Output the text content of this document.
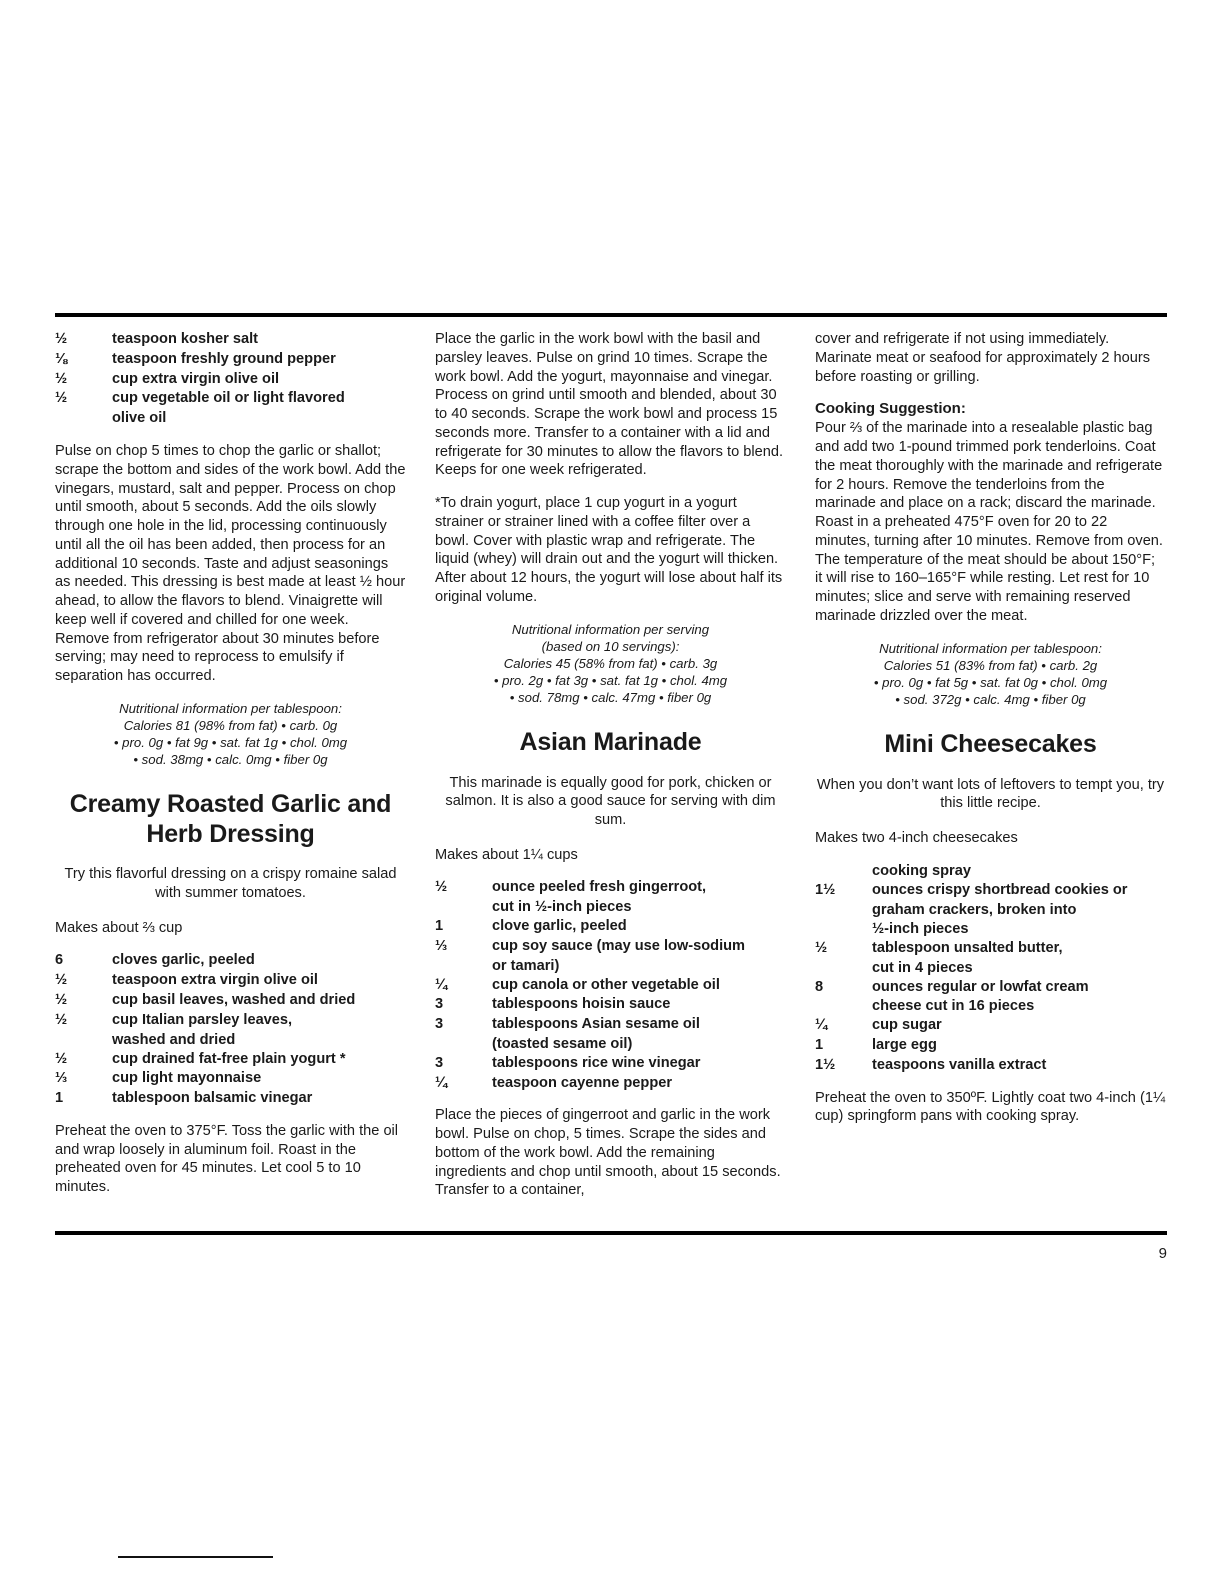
½	teaspoon kosher salt
⅛	teaspoon freshly ground pepper
½	cup extra virgin olive oil
½	cup vegetable oil or light flavored
olive oil

Pulse on chop 5 times to chop the garlic or shallot; scrape the bottom and sides of the work bowl. Add the vinegars, mustard, salt and pepper. Process on chop until smooth, about 5 seconds. Add the oils slowly through one hole in the lid, processing continuously until all the oil has been added, then process for an additional 10 seconds. Taste and adjust seasonings as needed. This dressing is best made at least ½ hour ahead, to allow the flavors to blend. Vinaigrette will keep well if covered and chilled for one week. Remove from refrigerator about 30 minutes before serving; may need to reprocess to emulsify if separation has occurred.

Nutritional information per tablespoon:
Calories 81 (98% from fat) • carb. 0g
• pro. 0g • fat 9g • sat. fat 1g • chol. 0mg
• sod. 38mg • calc. 0mg • fiber 0g
Creamy Roasted Garlic and Herb Dressing

Try this flavorful dressing on a crispy romaine salad with summer tomatoes.

Makes about ⅔ cup

6	cloves garlic, peeled
½	teaspoon extra virgin olive oil
½	cup basil leaves, washed and dried
½	cup Italian parsley leaves,
washed and dried
½	cup drained fat-free plain yogurt *
⅓	cup light mayonnaise
1	tablespoon balsamic vinegar

Preheat the oven to 375°F. Toss the garlic with the oil and wrap loosely in aluminum foil. Roast in the preheated oven for 45 minutes. Let cool 5 to 10 minutes.

Place the garlic in the work bowl with the basil and parsley leaves. Pulse on grind 10 times. Scrape the work bowl. Add the yogurt, mayonnaise and vinegar. Process on grind until smooth and blended, about 30 to 40 seconds. Scrape the work bowl and process 15 seconds more. Transfer to a container with a lid and refrigerate for 30 minutes to allow the flavors to blend. Keeps for one week refrigerated.

*To drain yogurt, place 1 cup yogurt in a yogurt strainer or strainer lined with a coffee filter over a bowl. Cover with plastic wrap and refrigerate. The liquid (whey) will drain out and the yogurt will thicken. After about 12 hours, the yogurt will lose about half its original volume.

Nutritional information per serving
(based on 10 servings):
Calories 45 (58% from fat) • carb. 3g
• pro. 2g • fat 3g • sat. fat 1g • chol. 4mg
• sod. 78mg • calc. 47mg • fiber 0g
Asian Marinade

This marinade is equally good for pork, chicken or salmon. It is also a good sauce for serving with dim sum.

Makes about 1¼ cups

½	ounce peeled fresh gingerroot,
cut in ½-inch pieces
1	clove garlic, peeled
⅓	cup soy sauce (may use low-sodium
or tamari)
¼	cup canola or other vegetable oil
3	tablespoons hoisin sauce
3	tablespoons Asian sesame oil
(toasted sesame oil)
3	tablespoons rice wine vinegar
¼	teaspoon cayenne pepper

Place the pieces of gingerroot and garlic in the work bowl. Pulse on chop, 5 times. Scrape the sides and bottom of the work bowl. Add the remaining ingredients and chop until smooth, about 15 seconds. Transfer to a container,

cover and refrigerate if not using immediately. Marinate meat or seafood for approximately 2 hours before roasting or grilling.

Cooking Suggestion:

Pour ⅔ of the marinade into a resealable plastic bag and add two 1-pound trimmed pork tenderloins. Coat the meat thoroughly with the marinade and refrigerate for 2 hours. Remove the tenderloins from the marinade and place on a rack; discard the marinade. Roast in a preheated 475°F oven for 20 to 22 minutes, turning after 10 minutes. Remove from oven. The temperature of the meat should be about 150°F; it will rise to 160–165°F while resting. Let rest for 10 minutes; slice and serve with remaining reserved marinade drizzled over the meat.

Nutritional information per tablespoon:
Calories 51 (83% from fat) • carb. 2g
• pro. 0g • fat 5g • sat. fat 0g • chol. 0mg
• sod. 372g • calc. 4mg • fiber 0g
Mini Cheesecakes

When you don’t want lots of leftovers to tempt you, try this little recipe.

Makes two 4-inch cheesecakes

cooking spray
1½	ounces crispy shortbread cookies or
graham crackers, broken into
½-inch pieces
½	tablespoon unsalted butter,
cut in 4 pieces
8	ounces regular or lowfat cream
cheese cut in 16 pieces
¼	cup sugar
1	large egg
1½	teaspoons vanilla extract

Preheat the oven to 350ºF. Lightly coat two 4-inch (1¼ cup) springform pans with cooking spray.

9
